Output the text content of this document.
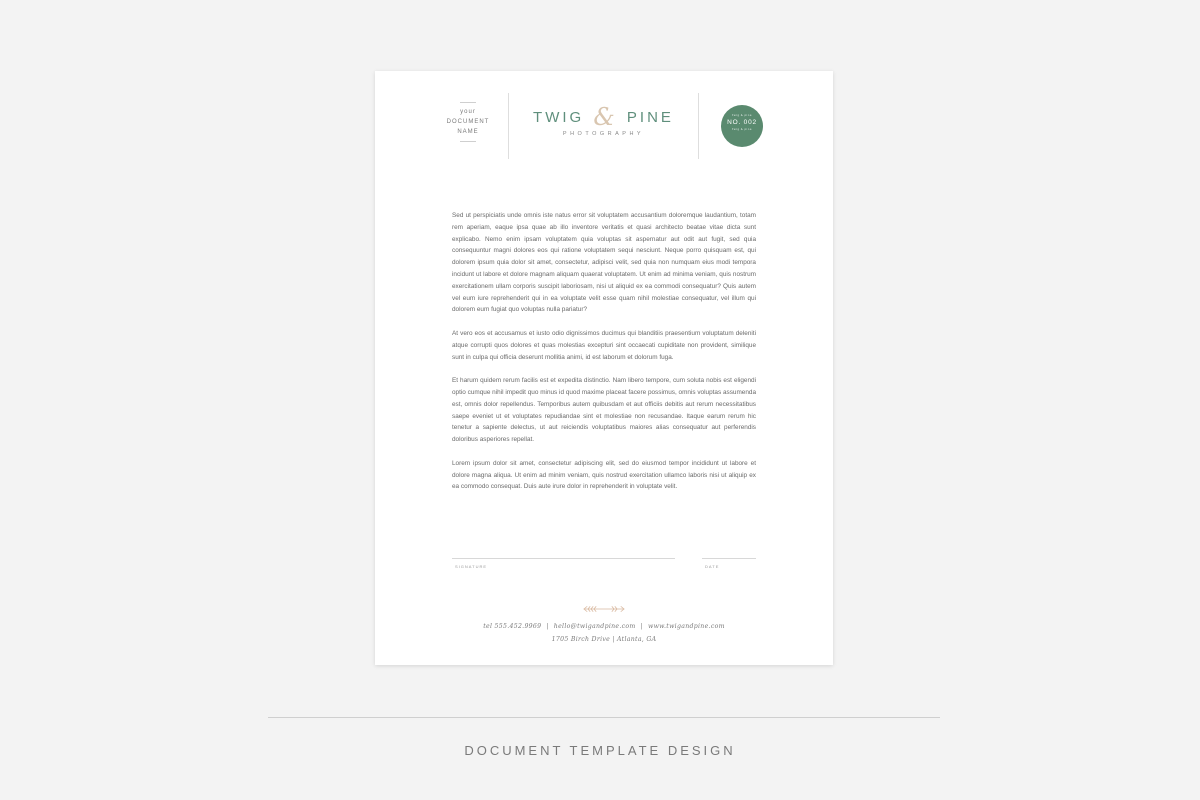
your
DOCUMENT
NAME
TWIG & PINE
PHOTOGRAPHY
twig & pine
NO. 002
twig & pine

Sed ut perspiciatis unde omnis iste natus error sit voluptatem accusantium doloremque laudantium, totam rem aperiam, eaque ipsa quae ab illo inventore veritatis et quasi architecto beatae vitae dicta sunt explicabo. Nemo enim ipsam voluptatem quia voluptas sit aspernatur aut odit aut fugit, sed quia consequuntur magni dolores eos qui ratione voluptatem sequi nesciunt. Neque porro quisquam est, qui dolorem ipsum quia dolor sit amet, consectetur, adipisci velit, sed quia non numquam eius modi tempora incidunt ut labore et dolore magnam aliquam quaerat voluptatem. Ut enim ad minima veniam, quis nostrum exercitationem ullam corporis suscipit laboriosam, nisi ut aliquid ex ea commodi consequatur? Quis autem vel eum iure reprehenderit qui in ea voluptate velit esse quam nihil molestiae consequatur, vel illum qui dolorem eum fugiat quo voluptas nulla pariatur?

At vero eos et accusamus et iusto odio dignissimos ducimus qui blanditiis praesentium voluptatum deleniti atque corrupti quos dolores et quas molestias excepturi sint occaecati cupiditate non provident, similique sunt in culpa qui officia deserunt mollitia animi, id est laborum et dolorum fuga.

Et harum quidem rerum facilis est et expedita distinctio. Nam libero tempore, cum soluta nobis est eligendi optio cumque nihil impedit quo minus id quod maxime placeat facere possimus, omnis voluptas assumenda est, omnis dolor repellendus. Temporibus autem quibusdam et aut officiis debitis aut rerum necessitatibus saepe eveniet ut et voluptates repudiandae sint et molestiae non recusandae. Itaque earum rerum hic tenetur a sapiente delectus, ut aut reiciendis voluptatibus maiores alias consequatur aut perferendis doloribus asperiores repellat.

Lorem ipsum dolor sit amet, consectetur adipiscing elit, sed do eiusmod tempor incididunt ut labore et dolore magna aliqua. Ut enim ad minim veniam, quis nostrud exercitation ullamco laboris nisi ut aliquip ex ea commodo consequat. Duis aute irure dolor in reprehenderit in voluptate velit.

SIGNATURE	DATE
tel 555.452.9969 | hello@twigandpine.com | www.twigandpine.com
1705 Birch Drive | Atlanta, GA
DOCUMENT TEMPLATE DESIGN
